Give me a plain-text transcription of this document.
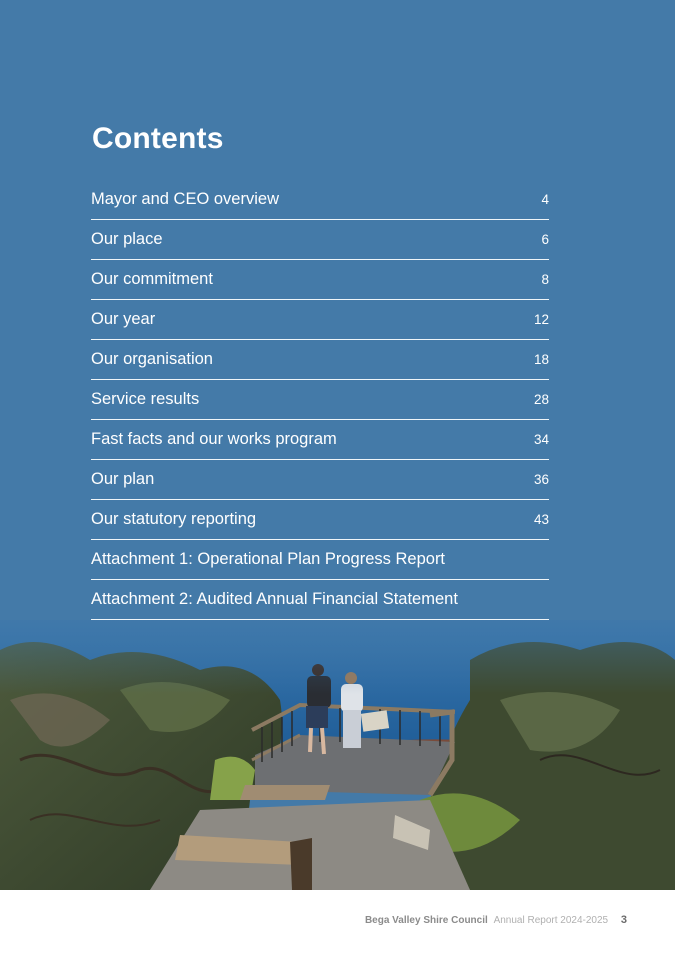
Contents
Mayor and CEO overview	4
Our place	6
Our commitment	8
Our year	12
Our organisation	18
Service results	28
Fast facts and our works program	34
Our plan	36
Our statutory reporting	43
Attachment 1: Operational Plan Progress Report
Attachment 2: Audited Annual Financial Statement
Bega Valley Shire Council Annual Report 2024-2025 3
